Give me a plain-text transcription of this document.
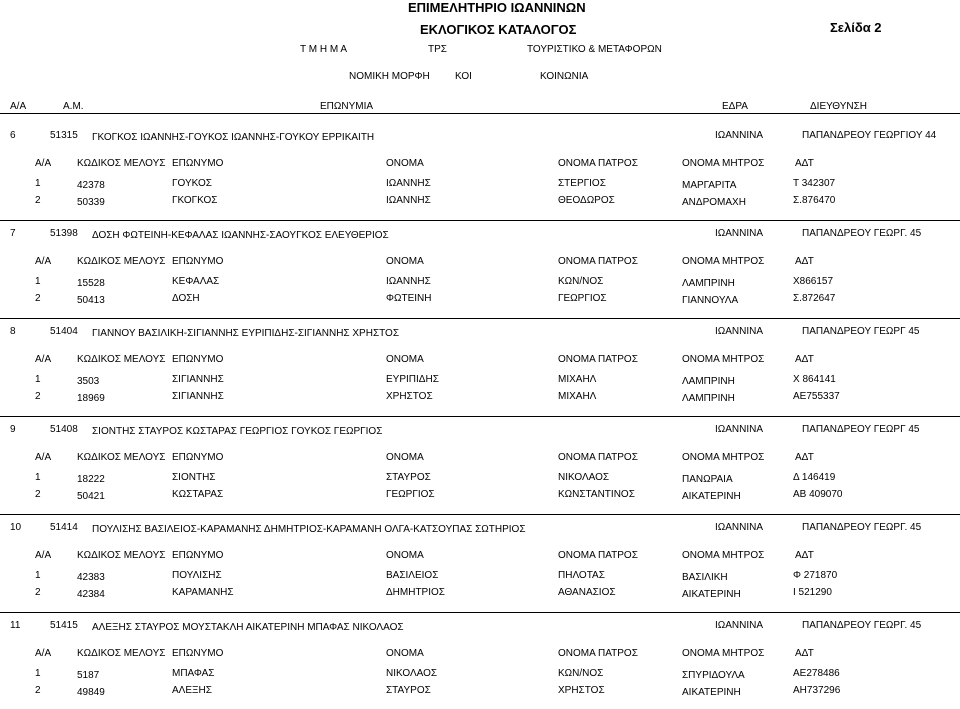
ΕΠΙΜΕΛΗΤΗΡΙΟ ΙΩΑΝΝΙΝΩΝ
ΕΚΛΟΓΙΚΟΣ ΚΑΤΑΛΟΓΟΣ	Σελίδα 2
Τ Μ Η Μ Α	ΤΡΣ	ΤΟΥΡΙΣΤΙΚΟ & ΜΕΤΑΦΟΡΩΝ
ΝΟΜΙΚΗ ΜΟΡΦΗ	ΚΟΙ	ΚΟΙΝΩΝΙΑ
Α/Α	Α.Μ.	ΕΠΩΝΥΜΙΑ	ΕΔΡΑ	ΔΙΕΥΘΥΝΣΗ
6	51315 ΓΚΟΓΚΟΣ ΙΩΑΝΝΗΣ-ΓΟΥΚΟΣ ΙΩΑΝΝΗΣ-ΓΟΥΚΟΥ ΕΡΡΙΚΑΙΤΗ	ΙΩΑΝΝΙΝΑ	ΠΑΠΑΝΔΡΕΟΥ ΓΕΩΡΓΙΟΥ 44
Α/Α	ΚΩΔΙΚΟΣ ΜΕΛΟΥΣ ΕΠΩΝΥΜΟ	ΟΝΟΜΑ	ΟΝΟΜΑ ΠΑΤΡΟΣ	ΟΝΟΜΑ ΜΗΤΡΟΣ	ΑΔΤ
1	42378	ΓΟΥΚΟΣ	ΙΩΑΝΝΗΣ	ΣΤΕΡΓΙΟΣ	ΜΑΡΓΑΡΙΤΑ	Τ 342307
2	50339	ΓΚΟΓΚΟΣ	ΙΩΑΝΝΗΣ	ΘΕΟΔΩΡΟΣ	ΑΝΔΡΟΜΑΧΗ	Σ.876470
7	51398 ΔΟΣΗ ΦΩΤΕΙΝΗ-ΚΕΦΑΛΑΣ ΙΩΑΝΝΗΣ-ΣΑΟΥΓΚΟΣ ΕΛΕΥΘΕΡΙΟΣ	ΙΩΑΝΝΙΝΑ	ΠΑΠΑΝΔΡΕΟΥ ΓΕΩΡΓ. 45
Α/Α	ΚΩΔΙΚΟΣ ΜΕΛΟΥΣ ΕΠΩΝΥΜΟ	ΟΝΟΜΑ	ΟΝΟΜΑ ΠΑΤΡΟΣ	ΟΝΟΜΑ ΜΗΤΡΟΣ	ΑΔΤ
1	15528	ΚΕΦΑΛΑΣ	ΙΩΑΝΝΗΣ	ΚΩΝ/ΝΟΣ	ΛΑΜΠΡΙΝΗ	Χ866157
2	50413	ΔΟΣΗ	ΦΩΤΕΙΝΗ	ΓΕΩΡΓΙΟΣ	ΓΙΑΝΝΟΥΛΑ	Σ.872647
8	51404 ΓΙΑΝΝΟΥ ΒΑΣΙΛΙΚΗ-ΣΙΓΙΑΝΝΗΣ ΕΥΡΙΠΙΔΗΣ-ΣΙΓΙΑΝΝΗΣ ΧΡΗΣΤΟΣ	ΙΩΑΝΝΙΝΑ	ΠΑΠΑΝΔΡΕΟΥ ΓΕΩΡΓ 45
Α/Α	ΚΩΔΙΚΟΣ ΜΕΛΟΥΣ ΕΠΩΝΥΜΟ	ΟΝΟΜΑ	ΟΝΟΜΑ ΠΑΤΡΟΣ	ΟΝΟΜΑ ΜΗΤΡΟΣ	ΑΔΤ
1	3503	ΣΙΓΙΑΝΝΗΣ	ΕΥΡΙΠΙΔΗΣ	ΜΙΧΑΗΛ	ΛΑΜΠΡΙΝΗ	Χ 864141
2	18969	ΣΙΓΙΑΝΝΗΣ	ΧΡΗΣΤΟΣ	ΜΙΧΑΗΛ	ΛΑΜΠΡΙΝΗ	ΑΕ755337
9	51408 ΣΙΟΝΤΗΣ ΣΤΑΥΡΟΣ ΚΩΣΤΑΡΑΣ ΓΕΩΡΓΙΟΣ ΓΟΥΚΟΣ ΓΕΩΡΓΙΟΣ	ΙΩΑΝΝΙΝΑ	ΠΑΠΑΝΔΡΕΟΥ ΓΕΩΡΓ 45
Α/Α	ΚΩΔΙΚΟΣ ΜΕΛΟΥΣ ΕΠΩΝΥΜΟ	ΟΝΟΜΑ	ΟΝΟΜΑ ΠΑΤΡΟΣ	ΟΝΟΜΑ ΜΗΤΡΟΣ	ΑΔΤ
1	18222	ΣΙΟΝΤΗΣ	ΣΤΑΥΡΟΣ	ΝΙΚΟΛΑΟΣ	ΠΑΝΩΡΑΙΑ	Δ 146419
2	50421	ΚΩΣΤΑΡΑΣ	ΓΕΩΡΓΙΟΣ	ΚΩΝΣΤΑΝΤΙΝΟΣ	ΑΙΚΑΤΕΡΙΝΗ	ΑΒ 409070
10	51414 ΠΟΥΛΙΣΗΣ ΒΑΣΙΛΕΙΟΣ-ΚΑΡΑΜΑΝΗΣ ΔΗΜΗΤΡΙΟΣ-ΚΑΡΑΜΑΝΗ ΟΛΓΑ-ΚΑΤΣΟΥΠΑΣ ΣΩΤΗΡΙΟΣ	ΙΩΑΝΝΙΝΑ	ΠΑΠΑΝΔΡΕΟΥ ΓΕΩΡΓ. 45
Α/Α	ΚΩΔΙΚΟΣ ΜΕΛΟΥΣ ΕΠΩΝΥΜΟ	ΟΝΟΜΑ	ΟΝΟΜΑ ΠΑΤΡΟΣ	ΟΝΟΜΑ ΜΗΤΡΟΣ	ΑΔΤ
1	42383	ΠΟΥΛΙΣΗΣ	ΒΑΣΙΛΕΙΟΣ	ΠΗΛΟΤΑΣ	ΒΑΣΙΛΙΚΗ	Φ 271870
2	42384	ΚΑΡΑΜΑΝΗΣ	ΔΗΜΗΤΡΙΟΣ	ΑΘΑΝΑΣΙΟΣ	ΑΙΚΑΤΕΡΙΝΗ	Ι 521290
11	51415 ΑΛΕΞΗΣ ΣΤΑΥΡΟΣ ΜΟΥΣΤΑΚΛΗ ΑΙΚΑΤΕΡΙΝΗ ΜΠΑΦΑΣ ΝΙΚΟΛΑΟΣ	ΙΩΑΝΝΙΝΑ	ΠΑΠΑΝΔΡΕΟΥ ΓΕΩΡΓ. 45
Α/Α	ΚΩΔΙΚΟΣ ΜΕΛΟΥΣ ΕΠΩΝΥΜΟ	ΟΝΟΜΑ	ΟΝΟΜΑ ΠΑΤΡΟΣ	ΟΝΟΜΑ ΜΗΤΡΟΣ	ΑΔΤ
1	5187	ΜΠΑΦΑΣ	ΝΙΚΟΛΑΟΣ	ΚΩΝ/ΝΟΣ	ΣΠΥΡΙΔΟΥΛΑ	ΑΕ278486
2	49849	ΑΛΕΞΗΣ	ΣΤΑΥΡΟΣ	ΧΡΗΣΤΟΣ	ΑΙΚΑΤΕΡΙΝΗ	ΑΗ737296
